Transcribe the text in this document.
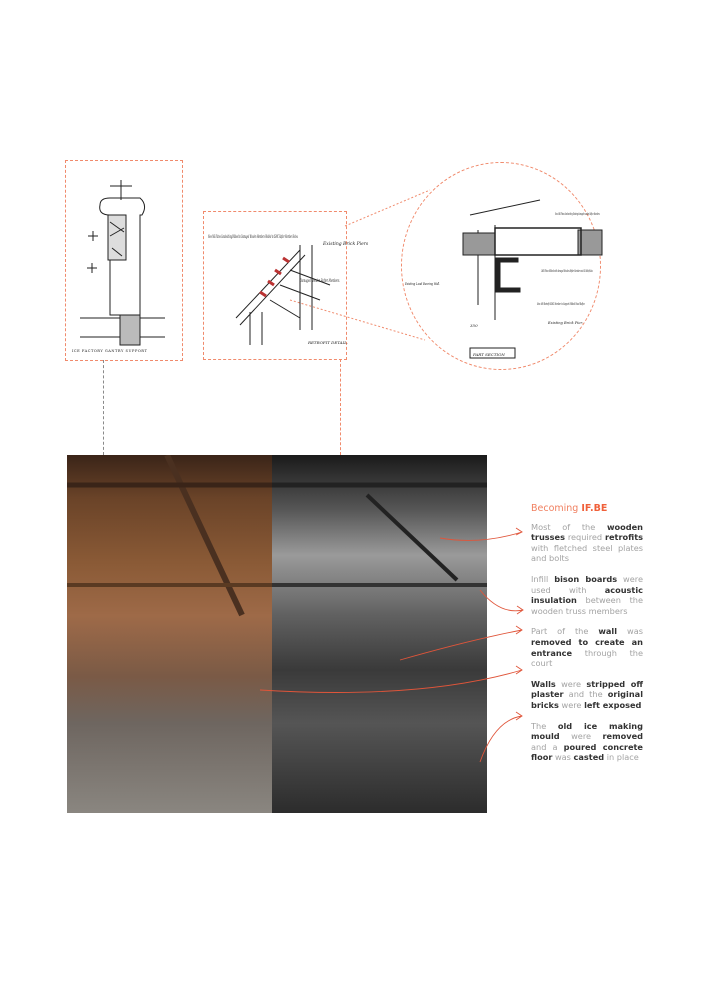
ICE FACTORY GANTRY SUPPORT
RETROFIT DETAIL.
New MS Plates Sandwiching/Nibbed to Damaged Wooden Members Welded to ISMC Rafter Member Below.
Existing Brick Piers
Damaged wooden Rafter Members.
New MS Plates Sandwiching Existing damaged wooden Rafter Members.
2MS Plates Nibbed with damaged Wooden Rafter Members via SS Bolts/Nuts.
Existing Load Bearing Wall.
New MS-Retrofit ISMC Member to Support Nibbed Wood Rafter.
Existing Brick Pier.
350
PART SECTION
Becoming IF.BE

Most of the wooden trusses required retrofits with fletched steel plates and bolts

Infill bison boards were used with acoustic insulation between the wooden truss members

Part of the wall was removed to create an entrance through the court

Walls were stripped off plaster and the original bricks were left exposed

The old ice making mould were removed and a poured concrete floor was casted in place
